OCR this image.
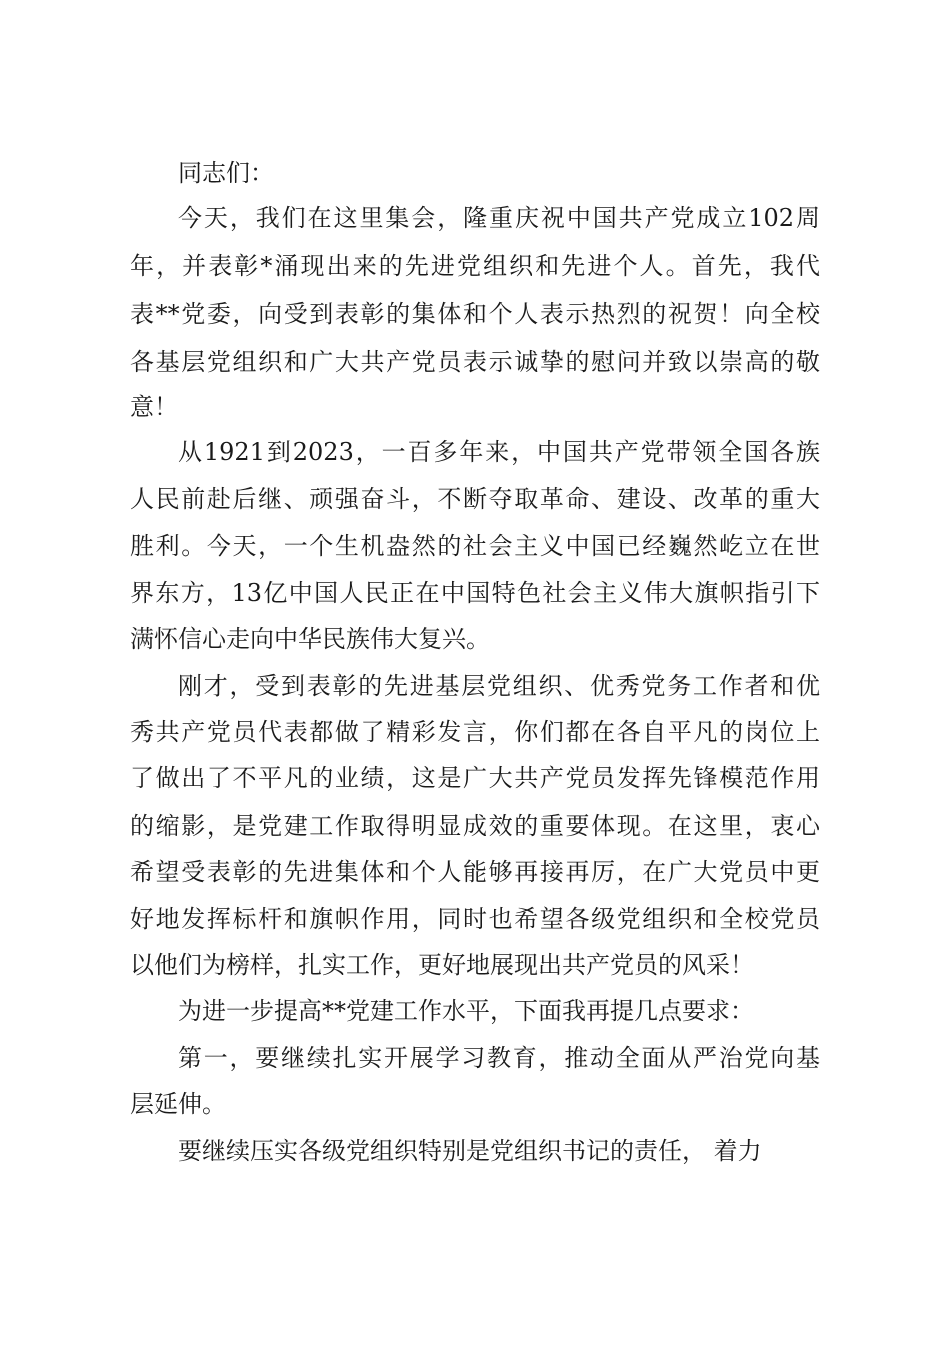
同志们：
今天，我们在这里集会，隆重庆祝中国共产党成立102周
年，并表彰*涌现出来的先进党组织和先进个人。首先，我代
表**党委，向受到表彰的集体和个人表示热烈的祝贺！向全校
各基层党组织和广大共产党员表示诚挚的慰问并致以崇高的敬
意！
从1921到2023，一百多年来，中国共产党带领全国各族
人民前赴后继、顽强奋斗，不断夺取革命、建设、改革的重大
胜利。今天，一个生机盎然的社会主义中国已经巍然屹立在世
界东方，13亿中国人民正在中国特色社会主义伟大旗帜指引下
满怀信心走向中华民族伟大复兴。
刚才，受到表彰的先进基层党组织、优秀党务工作者和优
秀共产党员代表都做了精彩发言，你们都在各自平凡的岗位上
了做出了不平凡的业绩，这是广大共产党员发挥先锋模范作用
的缩影，是党建工作取得明显成效的重要体现。在这里，衷心
希望受表彰的先进集体和个人能够再接再厉，在广大党员中更
好地发挥标杆和旗帜作用，同时也希望各级党组织和全校党员
以他们为榜样，扎实工作，更好地展现出共产党员的风采！
为进一步提高**党建工作水平，下面我再提几点要求：
第一，要继续扎实开展学习教育，推动全面从严治党向基
层延伸。
要继续压实各级党组织特别是党组织书记的责任， 着力
